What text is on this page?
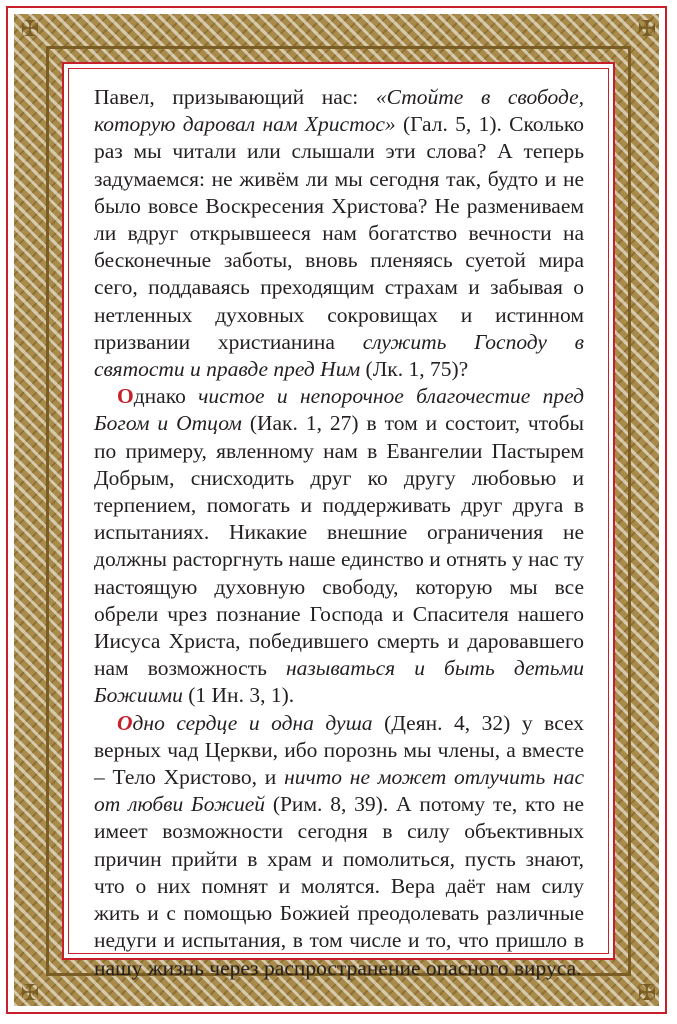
✠	✠
✠	✠

Павел, призывающий нас: «Стойте в свободе, которую даровал нам Христос» (Гал. 5, 1). Сколько раз мы читали или слышали эти слова? А теперь задумаемся: не живём ли мы сегодня так, будто и не было вовсе Воскресения Христова? Не размениваем ли вдруг открывшееся нам богатство вечности на бесконечные заботы, вновь пленяясь суетой мира сего, поддаваясь преходящим страхам и забывая о нетленных духовных сокровищах и истинном призвании христианина служить Господу в святости и правде пред Ним (Лк. 1, 75)?

Однако чистое и непорочное благочестие пред Богом и Отцом (Иак. 1, 27) в том и состоит, чтобы по примеру, явленному нам в Евангелии Пастырем Добрым, снисходить друг ко другу любовью и терпением, помогать и поддерживать друг друга в испытаниях. Никакие внешние ограничения не должны расторгнуть наше единство и отнять у нас ту настоящую духовную свободу, которую мы все обрели чрез познание Господа и Спасителя нашего Иисуса Христа, победившего смерть и даровавшего нам возможность называться и быть детьми Божиими (1 Ин. 3, 1).

Одно сердце и одна душа (Деян. 4, 32) у всех верных чад Церкви, ибо порознь мы члены, а вместе – Тело Христово, и ничто не может отлучить нас от любви Божией (Рим. 8, 39). А потому те, кто не имеет возможности сегодня в силу объективных причин прийти в храм и помолиться, пусть знают, что о них помнят и молятся. Вера даёт нам силу жить и с помощью Божией преодолевать различные недуги и испытания, в том числе и то, что пришло в нашу жизнь через распространение опасного вируса.
